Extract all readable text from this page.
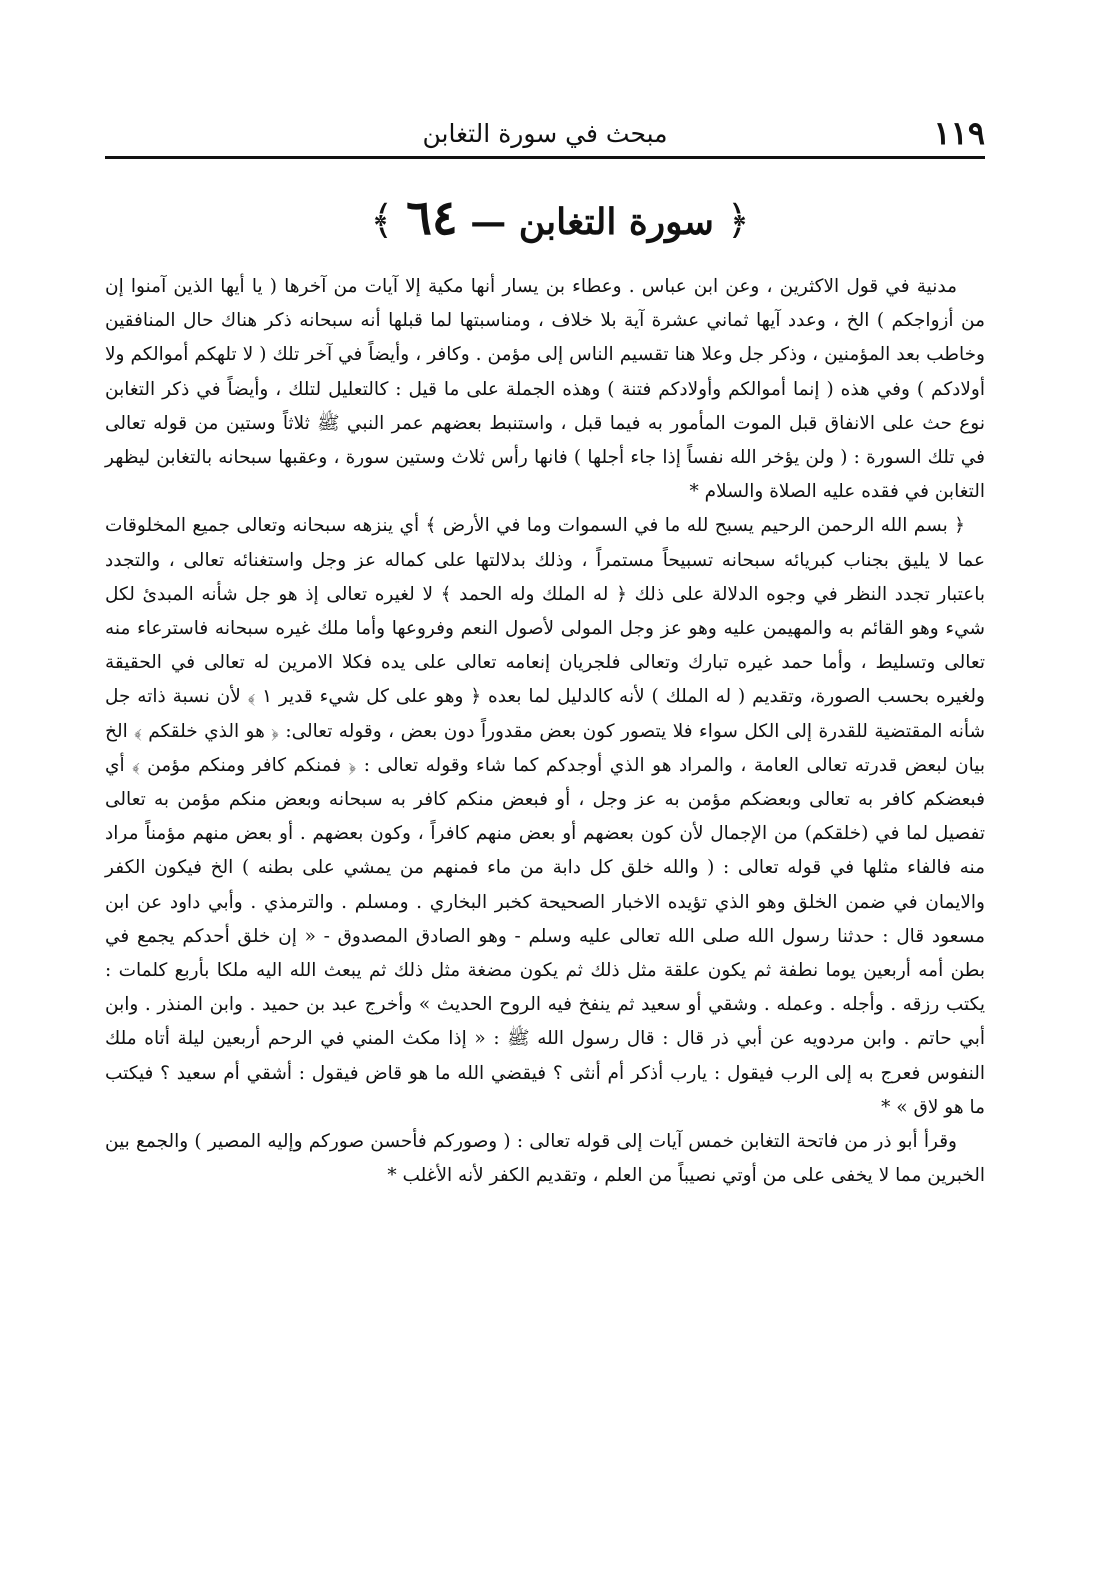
١١٩
مبحث في سورة التغابن
﴿ سورة التغابن — ٦٤ ﴾

مدنية في قول الاكثرين ، وعن ابن عباس . وعطاء بن يسار أنها مكية إلا آيات من آخرها ( يا أيها الذين آمنوا إن من أزواجكم ) الخ ، وعدد آيها ثماني عشرة آية بلا خلاف ، ومناسبتها لما قبلها أنه سبحانه ذكر هناك حال المنافقين وخاطب بعد المؤمنين ، وذكر جل وعلا هنا تقسيم الناس إلى مؤمن . وكافر ، وأيضاً في آخر تلك ( لا تلهكم أموالكم ولا أولادكم ) وفي هذه ( إنما أموالكم وأولادكم فتنة ) وهذه الجملة على ما قيل : كالتعليل لتلك ، وأيضاً في ذكر التغابن نوع حث على الانفاق قبل الموت المأمور به فيما قبل ، واستنبط بعضهم عمر النبي ﷺ ثلاثاً وستين من قوله تعالى في تلك السورة : ( ولن يؤخر الله نفساً إذا جاء أجلها ) فانها رأس ثلاث وستين سورة ، وعقبها سبحانه بالتغابن ليظهر التغابن في فقده عليه الصلاة والسلام *

﴿ بسم الله الرحمن الرحيم يسبح لله ما في السموات وما في الأرض ﴾ أي ينزهه سبحانه وتعالى جميع المخلوقات عما لا يليق بجناب كبريائه سبحانه تسبيحاً مستمراً ، وذلك بدلالتها على كماله عز وجل واستغنائه تعالى ، والتجدد باعتبار تجدد النظر في وجوه الدلالة على ذلك ﴿ له الملك وله الحمد ﴾ لا لغيره تعالى إذ هو جل شأنه المبدئ لكل شيء وهو القائم به والمهيمن عليه وهو عز وجل المولى لأصول النعم وفروعها وأما ملك غيره سبحانه فاسترعاء منه تعالى وتسليط ، وأما حمد غيره تبارك وتعالى فلجريان إنعامه تعالى على يده فكلا الامرين له تعالى في الحقيقة ولغيره بحسب الصورة، وتقديم ( له الملك ) لأنه كالدليل لما بعده ﴿ وهو على كل شيء قدير ١ ﴾ لأن نسبة ذاته جل شأنه المقتضية للقدرة إلى الكل سواء فلا يتصور كون بعض مقدوراً دون بعض ، وقوله تعالى: ﴿ هو الذي خلقكم ﴾ الخ بيان لبعض قدرته تعالى العامة ، والمراد هو الذي أوجدكم كما شاء وقوله تعالى : ﴿ فمنكم كافر ومنكم مؤمن ﴾ أي فبعضكم كافر به تعالى وبعضكم مؤمن به عز وجل ، أو فبعض منكم كافر به سبحانه وبعض منكم مؤمن به تعالى تفصيل لما في (خلقكم) من الإجمال لأن كون بعضهم أو بعض منهم كافراً ، وكون بعضهم . أو بعض منهم مؤمناً مراد منه فالفاء مثلها في قوله تعالى : ( والله خلق كل دابة من ماء فمنهم من يمشي على بطنه ) الخ فيكون الكفر والايمان في ضمن الخلق وهو الذي تؤيده الاخبار الصحيحة كخبر البخاري . ومسلم . والترمذي . وأبي داود عن ابن مسعود قال : حدثنا رسول الله صلى الله تعالى عليه وسلم - وهو الصادق المصدوق - « إن خلق أحدكم يجمع في بطن أمه أربعين يوما نطفة ثم يكون علقة مثل ذلك ثم يكون مضغة مثل ذلك ثم يبعث الله اليه ملكا بأربع كلمات : يكتب رزقه . وأجله . وعمله . وشقي أو سعيد ثم ينفخ فيه الروح الحديث » وأخرج عبد بن حميد . وابن المنذر . وابن أبي حاتم . وابن مردويه عن أبي ذر قال : قال رسول الله ﷺ : « إذا مكث المني في الرحم أربعين ليلة أتاه ملك النفوس فعرج به إلى الرب فيقول : يارب أذكر أم أنثى ؟ فيقضي الله ما هو قاض فيقول : أشقي أم سعيد ؟ فيكتب ما هو لاق » *

وقرأ أبو ذر من فاتحة التغابن خمس آيات إلى قوله تعالى : ( وصوركم فأحسن صوركم وإليه المصير ) والجمع بين الخبرين مما لا يخفى على من أوتي نصيباً من العلم ، وتقديم الكفر لأنه الأغلب *
